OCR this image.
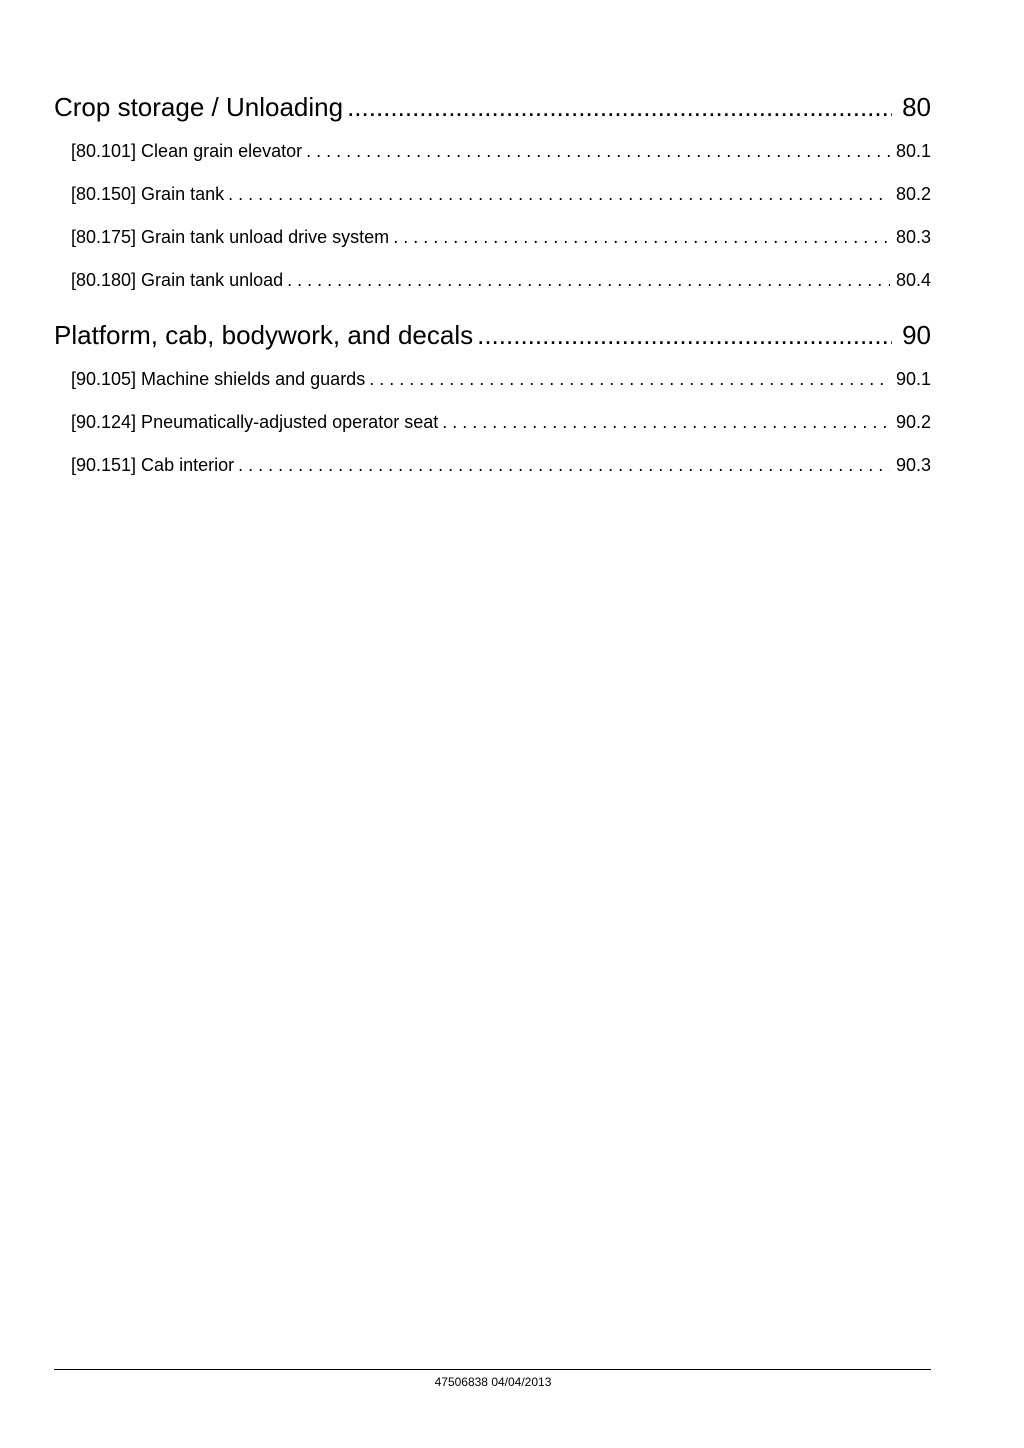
Crop storage / Unloading .....	80
[80.101] Clean grain elevator . . .	80.1
[80.150] Grain tank . . .	80.2
[80.175] Grain tank unload drive system . . .	80.3
[80.180] Grain tank unload . . .	80.4
Platform, cab, bodywork, and decals .....	90
[90.105] Machine shields and guards . . .	90.1
[90.124] Pneumatically-adjusted operator seat . . .	90.2
[90.151] Cab interior . . .	90.3
47506838 04/04/2013
